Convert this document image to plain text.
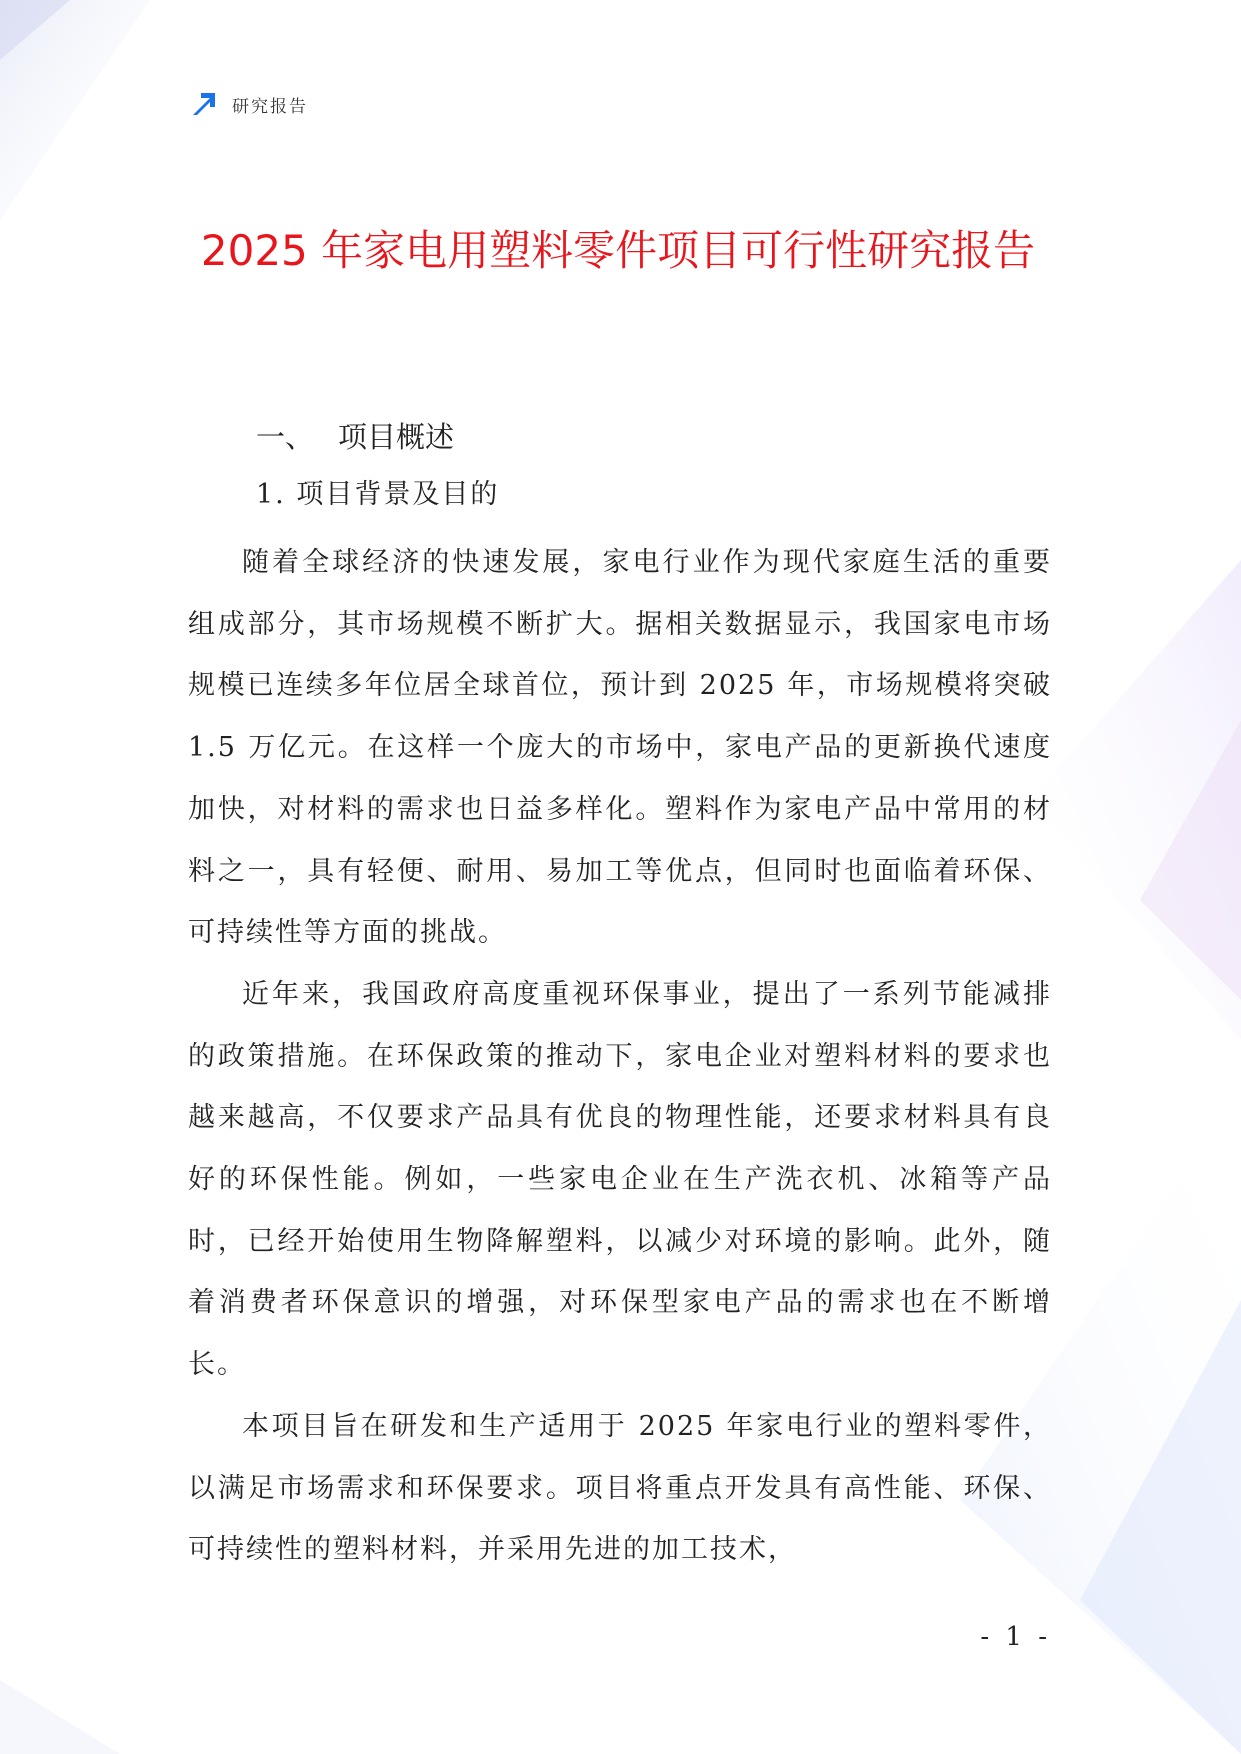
研究报告
2025 年家电用塑料零件项目可行性研究报告
一、 项目概述
1. 项目背景及目的

随着全球经济的快速发展，家电行业作为现代家庭生活的重要组成部分，其市场规模不断扩大。据相关数据显示，我国家电市场规模已连续多年位居全球首位，预计到 2025 年，市场规模将突破 1.5 万亿元。在这样一个庞大的市场中，家电产品的更新换代速度加快，对材料的需求也日益多样化。塑料作为家电产品中常用的材料之一，具有轻便、耐用、易加工等优点，但同时也面临着环保、可持续性等方面的挑战。

近年来，我国政府高度重视环保事业，提出了一系列节能减排的政策措施。在环保政策的推动下，家电企业对塑料材料的要求也越来越高，不仅要求产品具有优良的物理性能，还要求材料具有良好的环保性能。例如，一些家电企业在生产洗衣机、冰箱等产品时，已经开始使用生物降解塑料，以减少对环境的影响。此外，随着消费者环保意识的增强，对环保型家电产品的需求也在不断增长。

本项目旨在研发和生产适用于 2025 年家电行业的塑料零件，以满足市场需求和环保要求。项目将重点开发具有高性能、环保、可持续性的塑料材料，并采用先进的加工技术，

- 1 -
